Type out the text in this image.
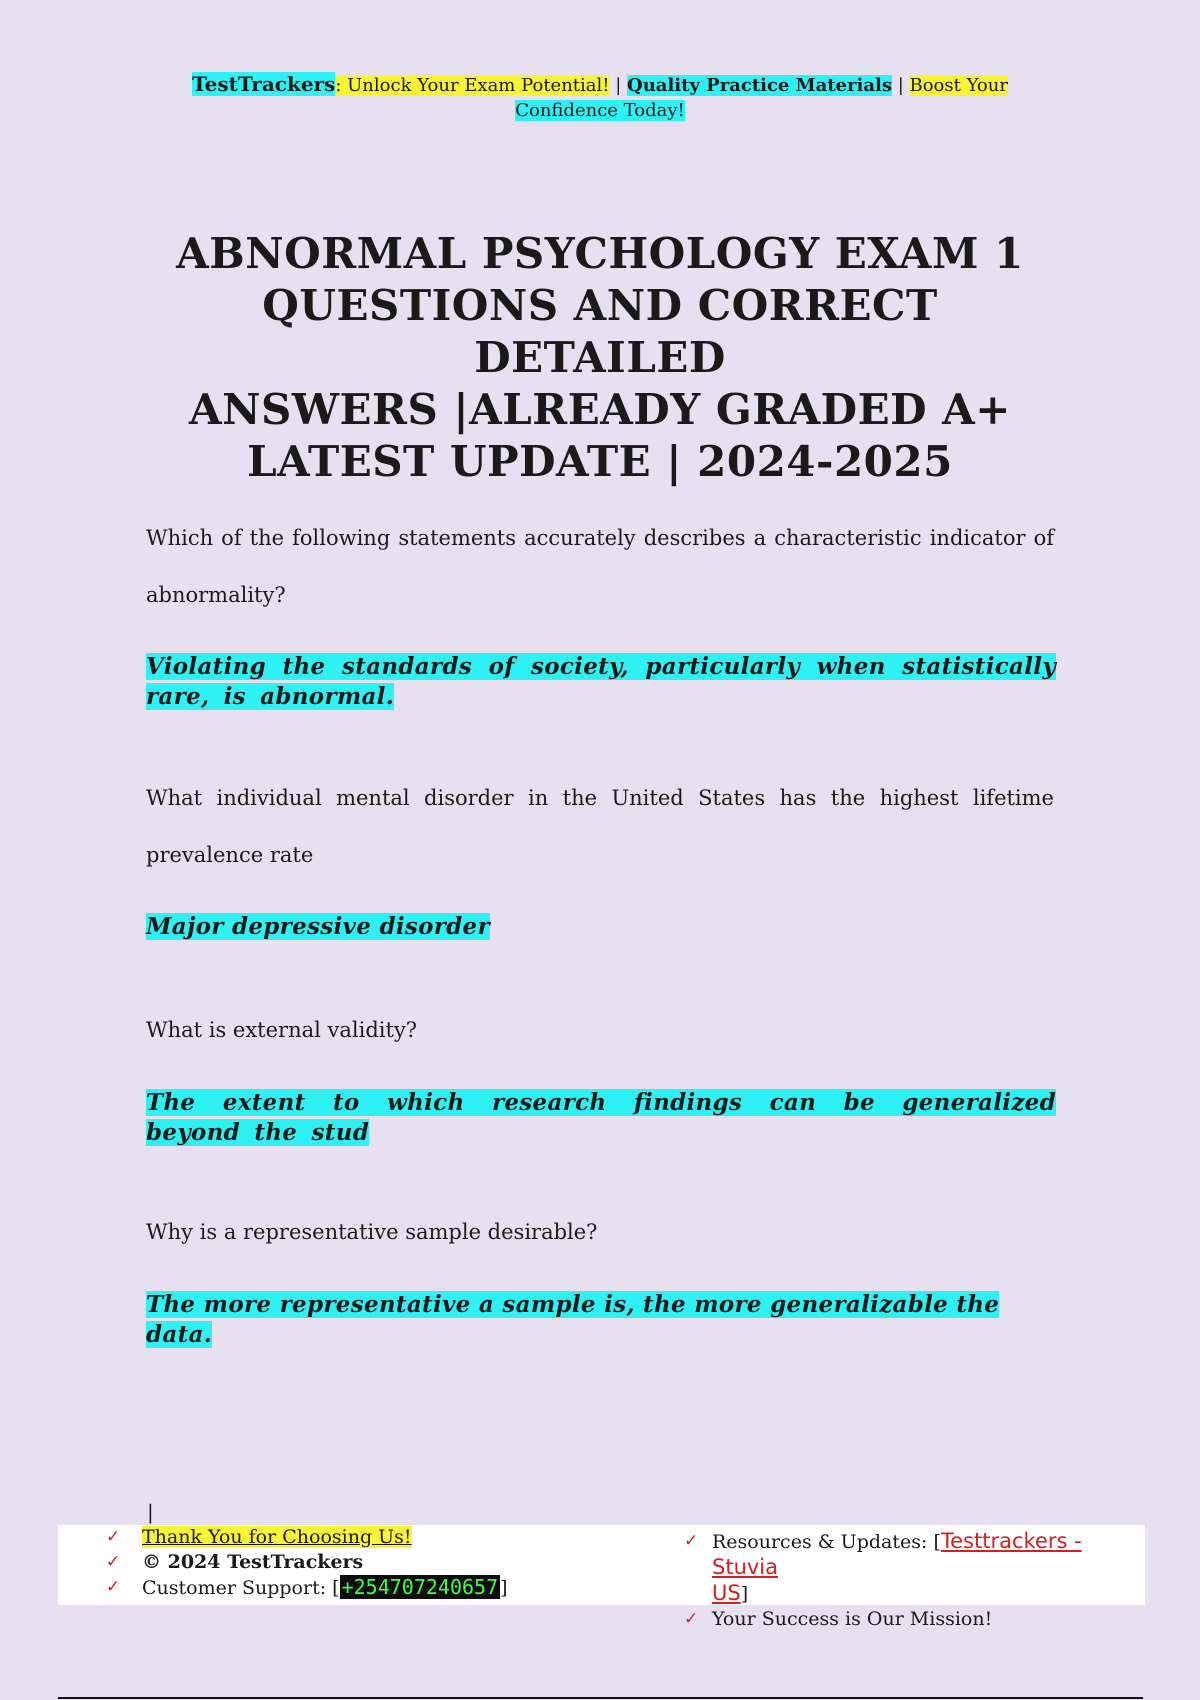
TestTrackers: Unlock Your Exam Potential! | Quality Practice Materials | Boost Your
Confidence Today!
ABNORMAL PSYCHOLOGY EXAM 1
QUESTIONS AND CORRECT DETAILED
ANSWERS |ALREADY GRADED A+
LATEST UPDATE | 2024-2025
Which of the following statements accurately describes a characteristic indicator of abnormality?
Violating the standards of society, particularly when statistically rare, is abnormal.
What individual mental disorder in the United States has the highest lifetime prevalence rate
Major depressive disorder
What is external validity?
The extent to which research findings can be generalized beyond the stud
Why is a representative sample desirable?
The more representative a sample is, the more generalizable the data.
|
✓ Thank You for Choosing Us!
✓ © 2024 TestTrackers
✓ Customer Support: [ +254707240657 ]
✓ Resources & Updates: [Testtrackers - Stuvia
US]
✓ Your Success is Our Mission!
